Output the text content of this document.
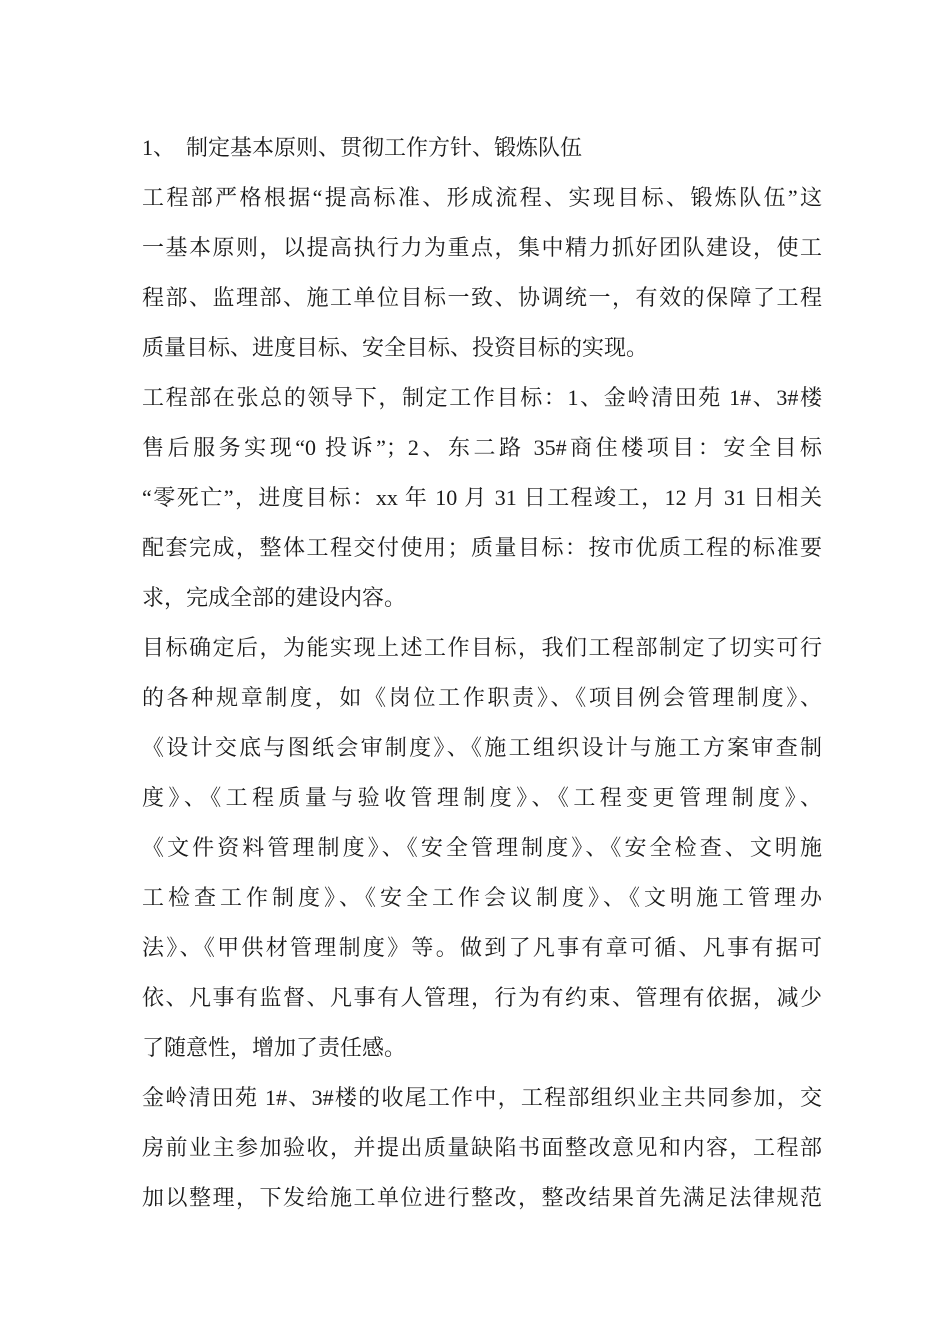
1、　制定基本原则、贯彻工作方针、锻炼队伍
工程部严格根据“提高标准、形成流程、实现目标、锻炼队伍”这
一基本原则，以提高执行力为重点，集中精力抓好团队建设，使工
程部、监理部、施工单位目标一致、协调统一，有效的保障了工程
质量目标、进度目标、安全目标、投资目标的实现。
工程部在张总的领导下，制定工作目标：1、金岭清田苑 1#、3#楼
售后服务实现“0 投诉”；2、东二路 35#商住楼项目：安全目标
“零死亡”，进度目标：xx 年 10 月 31 日工程竣工，12 月 31 日相关
配套完成，整体工程交付使用；质量目标：按市优质工程的标准要
求，完成全部的建设内容。
目标确定后，为能实现上述工作目标，我们工程部制定了切实可行
的各种规章制度，如《岗位工作职责》、《项目例会管理制度》、
《设计交底与图纸会审制度》、《施工组织设计与施工方案审查制
度》、《工程质量与验收管理制度》、《工程变更管理制度》、
《文件资料管理制度》、《安全管理制度》、《安全检查、文明施
工检查工作制度》、《安全工作会议制度》、《文明施工管理办
法》、《甲供材管理制度》等。做到了凡事有章可循、凡事有据可
依、凡事有监督、凡事有人管理，行为有约束、管理有依据，减少
了随意性，增加了责任感。
金岭清田苑 1#、3#楼的收尾工作中，工程部组织业主共同参加，交
房前业主参加验收，并提出质量缺陷书面整改意见和内容，工程部
加以整理，下发给施工单位进行整改，整改结果首先满足法律规范
